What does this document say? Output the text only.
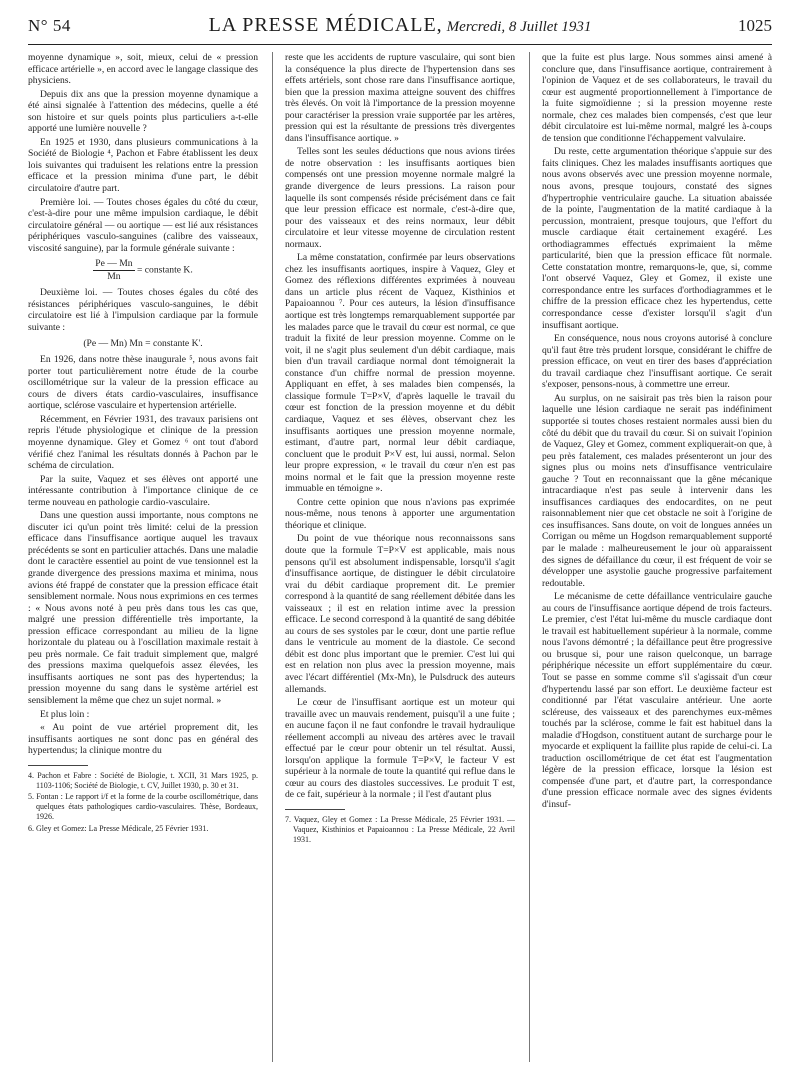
N° 54	LA PRESSE MÉDICALE, Mercredi, 8 Juillet 1931	1025

moyenne dynamique », soit, mieux, celui de « pression efficace artérielle », en accord avec le langage classique des physiciens.

Depuis dix ans que la pression moyenne dynamique a été ainsi signalée à l'attention des médecins, quelle a été son histoire et sur quels points plus particuliers a-t-elle apporté une lumière nouvelle ?

En 1925 et 1930, dans plusieurs communications à la Société de Biologie ⁴, Pachon et Fabre établissent les deux lois suivantes qui traduisent les relations entre la pression efficace et la pression minima d'une part, le débit circulatoire d'autre part.

Première loi. — Toutes choses égales du côté du cœur, c'est-à-dire pour une même impulsion cardiaque, le débit circulatoire général — ou aortique — est lié aux résistances périphériques vasculo-sanguines (calibre des vaisseaux, viscosité sanguine), par la formule générale suivante :

$\frac{Pe — Mn}{Mn}$ = constante K.

Deuxième loi. — Toutes choses égales du côté des résistances périphériques vasculo-sanguines, le débit circulatoire est lié à l'impulsion cardiaque par la formule suivante :

(Pe — Mn) Mn = constante K'.

En 1926, dans notre thèse inaugurale ⁵, nous avons fait porter tout particulièrement notre étude de la courbe oscillométrique sur la valeur de la pression efficace au cours de divers états cardio-vasculaires, insuffisance aortique, sclérose vasculaire et hypertension artérielle.

Récemment, en Février 1931, des travaux parisiens ont repris l'étude physiologique et clinique de la pression moyenne dynamique. Gley et Gomez ⁶ ont tout d'abord vérifié chez l'animal les résultats donnés à Pachon par le schéma de circulation.

Par la suite, Vaquez et ses élèves ont apporté une intéressante contribution à l'importance clinique de ce terme nouveau en pathologie cardio-vasculaire.

Dans une question aussi importante, nous comptons ne discuter ici qu'un point très limité: celui de la pression efficace dans l'insuffisance aortique auquel les travaux précédents se sont en particulier attachés. Dans une maladie dont le caractère essentiel au point de vue tensionnel est la grande divergence des pressions maxima et minima, nous avions été frappé de constater que la pression efficace était sensiblement normale. Nous nous exprimions en ces termes : « Nous avons noté à peu près dans tous les cas que, malgré une pression différentielle très importante, la pression efficace correspondant au milieu de la ligne horizontale du plateau ou à l'oscillation maximale restait à peu près normale. Ce fait traduit simplement que, malgré des pressions maxima quelquefois assez élevées, les insuffisants aortiques ne sont pas des hypertendus; la pression moyenne du sang dans le système artériel est sensiblement la même que chez un sujet normal. »

Et plus loin :

« Au point de vue artériel proprement dit, les insuffisants aortiques ne sont donc pas en général des hypertendus; la clinique montre du

4. Pachon et Fabre : Société de Biologie, t. XCII, 31 Mars 1925, p. 1103-1106; Société de Biologie, t. CV, Juillet 1930, p. 30 et 31.

5. Fontan : Le rapport i/f et la forme de la courbe oscillométrique, dans quelques états pathologiques cardio-vasculaires. Thèse, Bordeaux, 1926.

6. Gley et Gomez: La Presse Médicale, 25 Février 1931.

reste que les accidents de rupture vasculaire, qui sont bien la conséquence la plus directe de l'hypertension dans ses effets artériels, sont chose rare dans l'insuffisance aortique, bien que la pression maxima atteigne souvent des chiffres très élevés. On voit là l'importance de la pression moyenne pour caractériser la pression vraie supportée par les artères, pression qui est la résultante de pressions très divergentes dans l'insuffisance aortique. »

Telles sont les seules déductions que nous avions tirées de notre observation : les insuffisants aortiques bien compensés ont une pression moyenne normale malgré la grande divergence de leurs pressions. La raison pour laquelle ils sont compensés réside précisément dans ce fait que leur pression efficace est normale, c'est-à-dire que, pour des vaisseaux et des reins normaux, leur débit circulatoire et leur vitesse moyenne de circulation restent normaux.

La même constatation, confirmée par leurs observations chez les insuffisants aortiques, inspire à Vaquez, Gley et Gomez des réflexions différentes exprimées à nouveau dans un article plus récent de Vaquez, Kisthinios et Papaioannou ⁷. Pour ces auteurs, la lésion d'insuffisance aortique est très longtemps remarquablement supportée par les malades parce que le travail du cœur est normal, ce que traduit la fixité de leur pression moyenne. Comme on le voit, il ne s'agit plus seulement d'un débit cardiaque, mais bien d'un travail cardiaque normal dont témoignerait la constance d'un chiffre normal de pression moyenne. Appliquant en effet, à ses malades bien compensés, la classique formule T=P×V, d'après laquelle le travail du cœur est fonction de la pression moyenne et du débit cardiaque, Vaquez et ses élèves, observant chez les insuffisants aortiques une pression moyenne normale, estimant, d'autre part, normal leur débit cardiaque, concluent que le produit P×V est, lui aussi, normal. Selon leur propre expression, « le travail du cœur n'en est pas moins normal et le fait que la pression moyenne reste immuable en témoigne ».

Contre cette opinion que nous n'avions pas exprimée nous-même, nous tenons à apporter une argumentation théorique et clinique.

Du point de vue théorique nous reconnaissons sans doute que la formule T=P×V est applicable, mais nous pensons qu'il est absolument indispensable, lorsqu'il s'agit d'insuffisance aortique, de distinguer le débit circulatoire vrai du débit cardiaque proprement dit. Le premier correspond à la quantité de sang réellement débitée dans les vaisseaux ; il est en relation intime avec la pression efficace. Le second correspond à la quantité de sang débitée au cours de ses systoles par le cœur, dont une partie reflue dans le ventricule au moment de la diastole. Ce second débit est donc plus important que le premier. C'est lui qui est en relation non plus avec la pression moyenne, mais avec l'écart différentiel (Mx-Mn), le Pulsdruck des auteurs allemands.

Le cœur de l'insuffisant aortique est un moteur qui travaille avec un mauvais rendement, puisqu'il a une fuite ; en aucune façon il ne faut confondre le travail hydraulique réellement accompli au niveau des artères avec le travail effectué par le cœur pour obtenir un tel résultat. Aussi, lorsqu'on applique la formule T=P×V, le facteur V est supérieur à la normale de toute la quantité qui reflue dans le cœur au cours des diastoles successives. Le produit T est, de ce fait, supérieur à la normale ; il l'est d'autant plus

7. Vaquez, Gley et Gomez : La Presse Médicale, 25 Février 1931. — Vaquez, Kisthinios et Papaioannou : La Presse Médicale, 22 Avril 1931.

que la fuite est plus large. Nous sommes ainsi amené à conclure que, dans l'insuffisance aortique, contrairement à l'opinion de Vaquez et de ses collaborateurs, le travail du cœur est augmenté proportionnellement à l'importance de la fuite sigmoïdienne ; si la pression moyenne reste normale, chez ces malades bien compensés, c'est que leur débit circulatoire est lui-même normal, malgré les à-coups de tension que conditionne l'échappement valvulaire.

Du reste, cette argumentation théorique s'appuie sur des faits cliniques. Chez les malades insuffisants aortiques que nous avons observés avec une pression moyenne normale, nous avons, presque toujours, constaté des signes d'hypertrophie ventriculaire gauche. La situation abaissée de la pointe, l'augmentation de la matité cardiaque à la percussion, montraient, presque toujours, que l'effort du muscle cardiaque était certainement exagéré. Les orthodiagrammes effectués exprimaient la même particularité, bien que la pression efficace fût normale. Cette constatation montre, remarquons-le, que, si, comme l'ont observé Vaquez, Gley et Gomez, il existe une correspondance entre les surfaces d'orthodiagrammes et le chiffre de la pression efficace chez les hypertendus, cette correspondance cesse d'exister lorsqu'il s'agit d'un insuffisant aortique.

En conséquence, nous nous croyons autorisé à conclure qu'il faut être très prudent lorsque, considérant le chiffre de pression efficace, on veut en tirer des bases d'appréciation du travail cardiaque chez l'insuffisant aortique. Ce serait s'exposer, pensons-nous, à commettre une erreur.

Au surplus, on ne saisirait pas très bien la raison pour laquelle une lésion cardiaque ne serait pas indéfiniment supportée si toutes choses restaient normales aussi bien du côté du débit que du travail du cœur. Si on suivait l'opinion de Vaquez, Gley et Gomez, comment expliquerait-on que, à peu près fatalement, ces malades présenteront un jour des signes plus ou moins nets d'insuffisance ventriculaire gauche ? Tout en reconnaissant que la gêne mécanique intracardiaque n'est pas seule à intervenir dans les insuffisances cardiaques des endocardites, on ne peut raisonnablement nier que cet obstacle ne soit à l'origine de ces insuffisances. Sans doute, on voit de longues années un Corrigan ou même un Hogdson remarquablement supporté par le malade : malheureusement le jour où apparaissent des signes de défaillance du cœur, il est fréquent de voir se développer une asystolie gauche progressive parfaitement redoutable.

Le mécanisme de cette défaillance ventriculaire gauche au cours de l'insuffisance aortique dépend de trois facteurs. Le premier, c'est l'état lui-même du muscle cardiaque dont le travail est habituellement supérieur à la normale, comme nous l'avons démontré ; la défaillance peut être progressive ou brusque si, pour une raison quelconque, un barrage périphérique nécessite un effort supplémentaire du cœur. Tout se passe en somme comme s'il s'agissait d'un cœur d'hypertendu lassé par son effort. Le deuxième facteur est conditionné par l'état vasculaire antérieur. Une aorte scléreuse, des vaisseaux et des parenchymes eux-mêmes touchés par la sclérose, comme le fait est habituel dans la maladie d'Hogdson, constituent autant de surcharge pour le myocarde et expliquent la faillite plus rapide de celui-ci. La traduction oscillométrique de cet état est l'augmentation légère de la pression efficace, lorsque la lésion est compensée d'une part, et d'autre part, la correspondance d'une pression efficace normale avec des signes évidents d'insuf-
